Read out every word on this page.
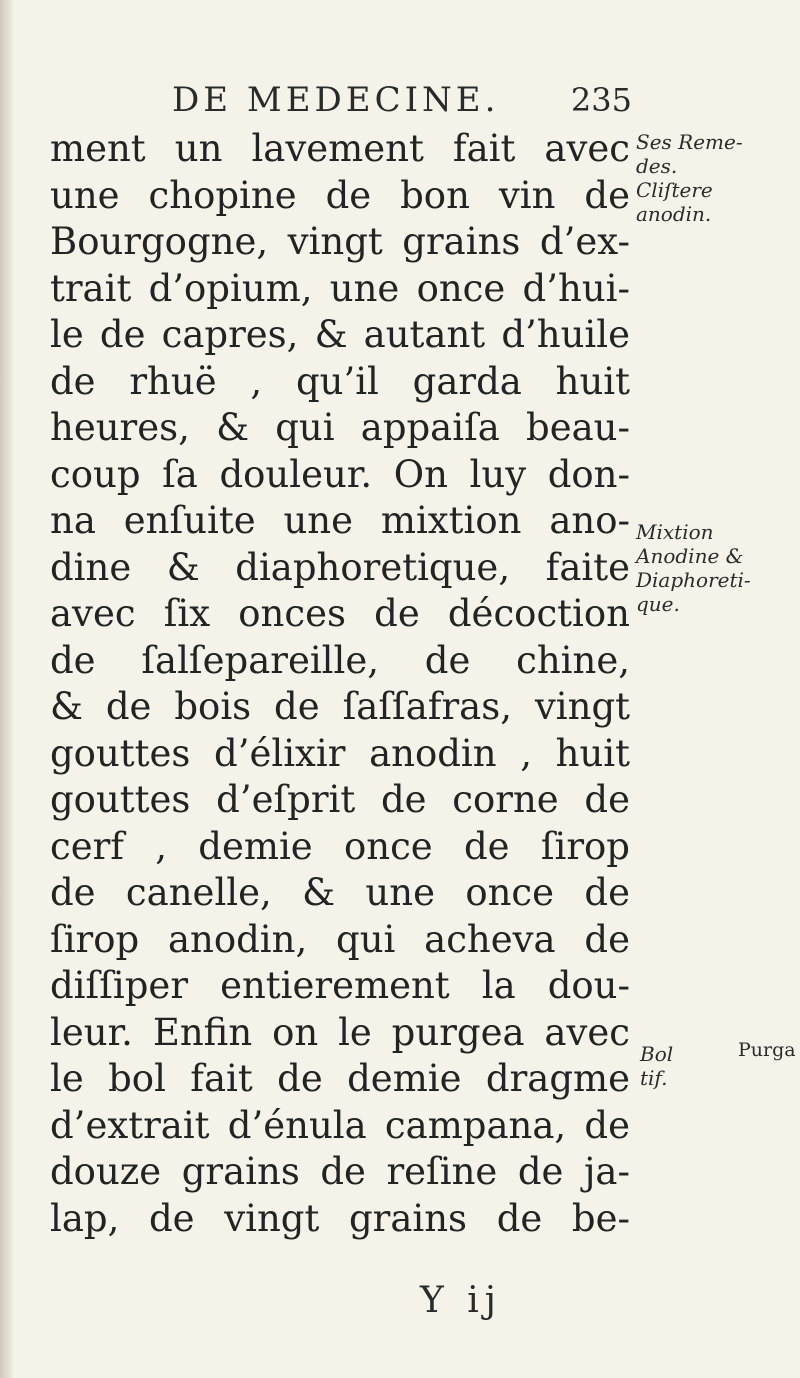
DE MEDECINE. 235
ment un lavement fait avec
une chopine de bon vin de
Bourgogne, vingt grains d’ex-
trait d’opium, une once d’hui-
le de capres, & autant d’huile
de rhuë , qu’il garda huit
heures, & qui appaiſa beau-
coup ſa douleur. On luy don-
na enſuite une mixtion ano-
dine & diaphoretique, faite
avec ſix onces de décoction
de ſalſepareille, de chine,
& de bois de ſaſſafras, vingt
gouttes d’élixir anodin , huit
gouttes d’eſprit de corne de
cerf , demie once de ſirop
de canelle, & une once de
ſirop anodin, qui acheva de
diſſiper entierement la dou-
leur. Enfin on le purgea avec
le bol fait de demie dragme
d’extrait d’énula campana, de
douze grains de reſine de ja-
lap, de vingt grains de be-
Y ij
Ses Reme-
des.
Cliſtere
anodin.
Mixtion
Anodine &
Diaphoreti-
que.
Bol
tif.
Purga
